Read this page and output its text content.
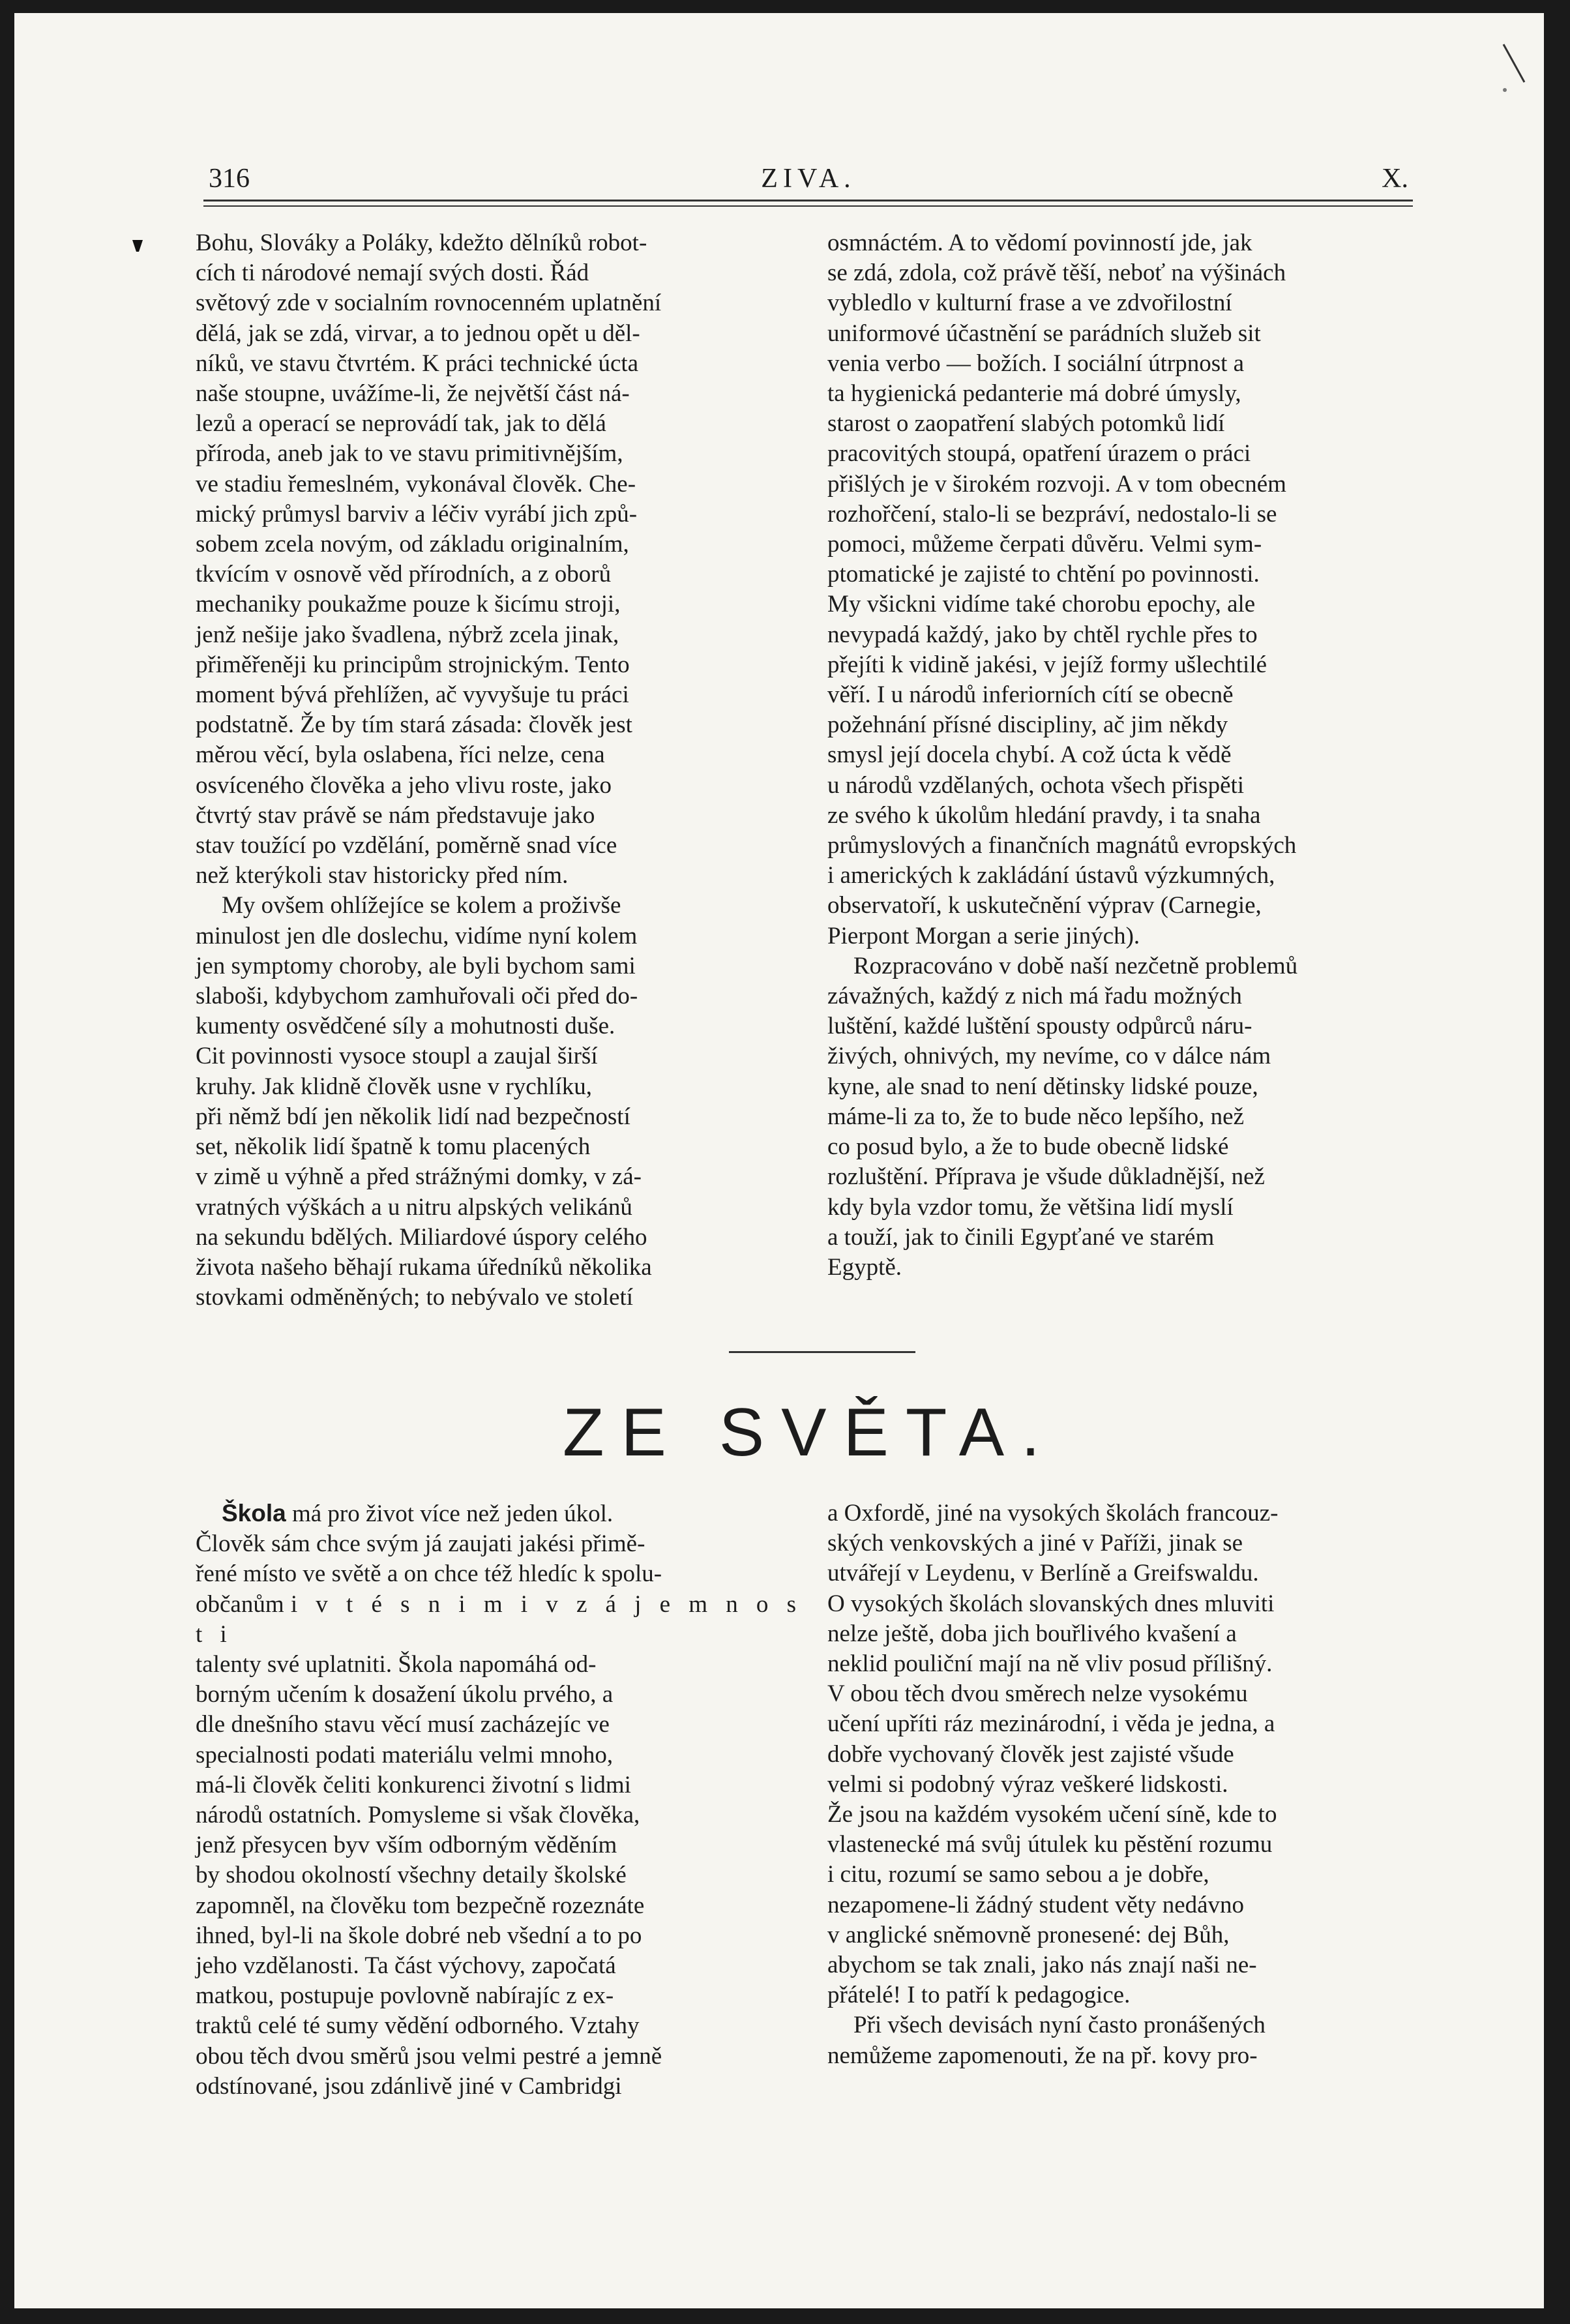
316	ZIVA.	X.

Bohu, Slováky a Poláky, kdežto dělníků robot-
cích ti národové nemají svých dosti. Řád
světový zde v socialním rovnocenném uplatnění
dělá, jak se zdá, virvar, a to jednou opět u děl-
níků, ve stavu čtvrtém. K práci technické úcta
naše stoupne, uvážíme-li, že největší část ná-
lezů a operací se neprovádí tak, jak to dělá
příroda, aneb jak to ve stavu primitivnějším,
ve stadiu řemeslném, vykonával člověk. Che-
mický průmysl barviv a léčiv vyrábí jich způ-
sobem zcela novým, od základu originalním,
tkvícím v osnově věd přírodních, a z oborů
mechaniky poukažme pouze k šicímu stroji,
jenž nešije jako švadlena, nýbrž zcela jinak,
přiměřeněji ku principům strojnickým. Tento
moment bývá přehlížen, ač vyvyšuje tu práci
podstatně. Že by tím stará zásada: člověk jest
měrou věcí, byla oslabena, říci nelze, cena
osvíceného člověka a jeho vlivu roste, jako
čtvrtý stav právě se nám představuje jako
stav toužící po vzdělání, poměrně snad více
než kterýkoli stav historicky před ním.

My ovšem ohlížejíce se kolem a proživše
minulost jen dle doslechu, vidíme nyní kolem
jen symptomy choroby, ale byli bychom sami
slaboši, kdybychom zamhuřovali oči před do-
kumenty osvědčené síly a mohutnosti duše.
Cit povinnosti vysoce stoupl a zaujal širší
kruhy. Jak klidně člověk usne v rychlíku,
při němž bdí jen několik lidí nad bezpečností
set, několik lidí špatně k tomu placených
v zimě u výhně a před strážnými domky, v zá-
vratných výškách a u nitru alpských velikánů
na sekundu bdělých. Miliardové úspory celého
života našeho běhají rukama úředníků několika
stovkami odměněných; to nebývalo ve století

osmnáctém. A to vědomí povinností jde, jak
se zdá, zdola, což právě těší, neboť na výšinách
vybledlo v kulturní frase a ve zdvořilostní
uniformové účastnění se parádních služeb sit
venia verbo — božích. I sociální útrpnost a
ta hygienická pedanterie má dobré úmysly,
starost o zaopatření slabých potomků lidí
pracovitých stoupá, opatření úrazem o práci
přišlých je v širokém rozvoji. A v tom obecném
rozhořčení, stalo-li se bezpráví, nedostalo-li se
pomoci, můžeme čerpati důvěru. Velmi sym-
ptomatické je zajisté to chtění po povinnosti.
My všickni vidíme také chorobu epochy, ale
nevypadá každý, jako by chtěl rychle přes to
přejíti k vidině jakési, v jejíž formy ušlechtilé
věří. I u národů inferiorních cítí se obecně
požehnání přísné discipliny, ač jim někdy
smysl její docela chybí. A což úcta k vědě
u národů vzdělaných, ochota všech přispěti
ze svého k úkolům hledání pravdy, i ta snaha
průmyslových a finančních magnátů evropských
i amerických k zakládání ústavů výzkumných,
observatoří, k uskutečnění výprav (Carnegie,
Pierpont Morgan a serie jiných).

Rozpracováno v době naší nezčetně problemů
závažných, každý z nich má řadu možných
luštění, každé luštění spousty odpůrců náru-
živých, ohnivých, my nevíme, co v dálce nám
kyne, ale snad to není dětinsky lidské pouze,
máme-li za to, že to bude něco lepšího, než
co posud bylo, a že to bude obecně lidské
rozluštění. Příprava je všude důkladnější, než
kdy byla vzdor tomu, že většina lidí myslí
a touží, jak to činili Egypťané ve starém
Egyptě.

ZE SVĚTA.

Škola má pro život více než jeden úkol.
Člověk sám chce svým já zaujati jakési přimě-
řené místo ve světě a on chce též hledíc k spolu-
občanům i v t é s n i m i v z á j e m n o s t i
talenty své uplatniti. Škola napomáhá od-
borným učením k dosažení úkolu prvého, a
dle dnešního stavu věcí musí zacházejíc ve
specialnosti podati materiálu velmi mnoho,
má-li člověk čeliti konkurenci životní s lidmi
národů ostatních. Pomysleme si však člověka,
jenž přesycen byv vším odborným věděním
by shodou okolností všechny detaily školské
zapomněl, na člověku tom bezpečně rozeznáte
ihned, byl-li na škole dobré neb všední a to po
jeho vzdělanosti. Ta část výchovy, započatá
matkou, postupuje povlovně nabírajíc z ex-
traktů celé té sumy vědění odborného. Vztahy
obou těch dvou směrů jsou velmi pestré a jemně
odstínované, jsou zdánlivě jiné v Cambridgi

a Oxfordě, jiné na vysokých školách francouz-
ských venkovských a jiné v Paříži, jinak se
utvářejí v Leydenu, v Berlíně a Greifswaldu.
O vysokých školách slovanských dnes mluviti
nelze ještě, doba jich bouřlivého kvašení a
neklid pouliční mají na ně vliv posud přílišný.
V obou těch dvou směrech nelze vysokému
učení upříti ráz mezinárodní, i věda je jedna, a
dobře vychovaný člověk jest zajisté všude
velmi si podobný výraz veškeré lidskosti.
Že jsou na každém vysokém učení síně, kde to
vlastenecké má svůj útulek ku pěstění rozumu
i citu, rozumí se samo sebou a je dobře,
nezapomene-li žádný student věty nedávno
v anglické sněmovně pronesené: dej Bůh,
abychom se tak znali, jako nás znají naši ne-
přátelé! I to patří k pedagogice.

Při všech devisách nyní často pronášených
nemůžeme zapomenouti, že na př. kovy pro-
